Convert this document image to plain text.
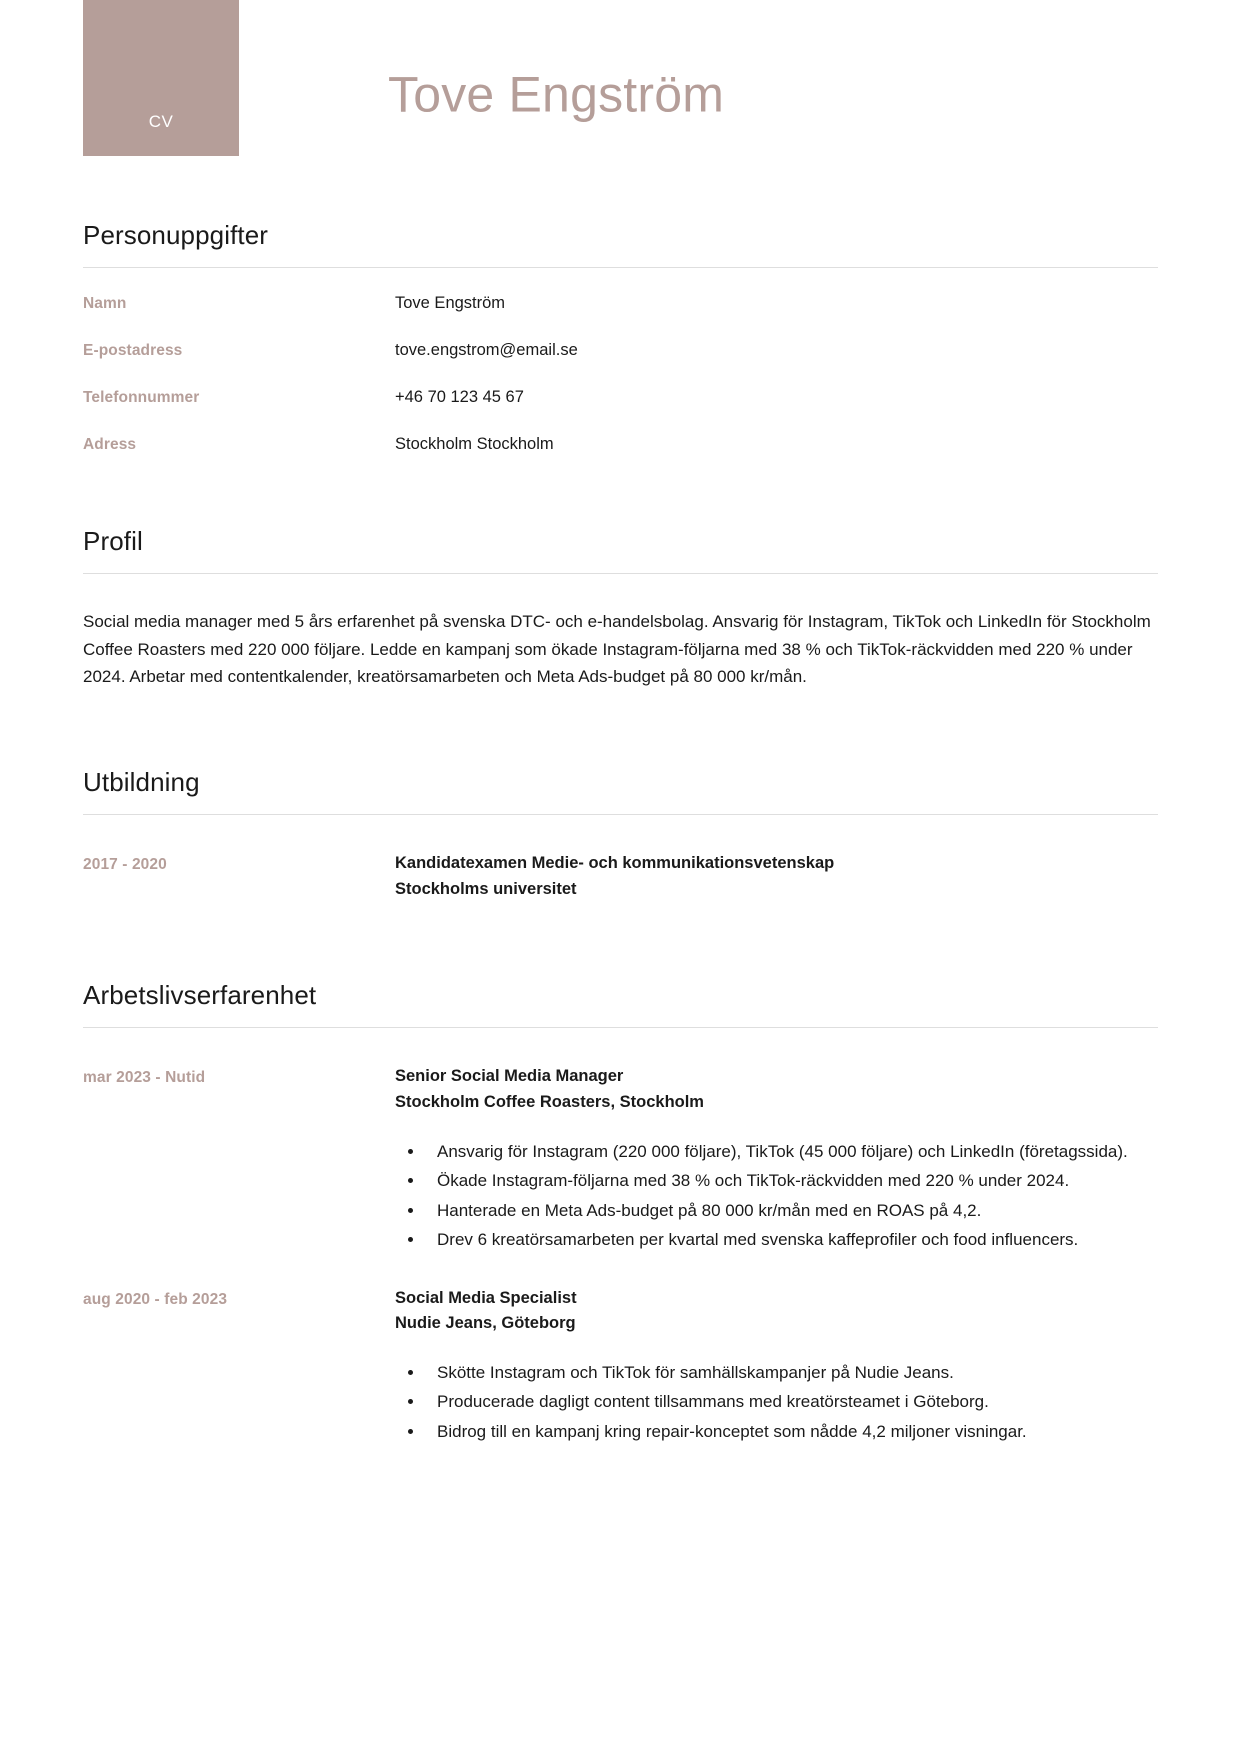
CV	Tove Engström
Personuppgifter
Namn	Tove Engström
E-postadress	tove.engstrom@email.se
Telefonnummer	+46 70 123 45 67
Adress	Stockholm Stockholm
Profil

Social media manager med 5 års erfarenhet på svenska DTC- och e-handelsbolag. Ansvarig för Instagram, TikTok och LinkedIn för Stockholm Coffee Roasters med 220 000 följare. Ledde en kampanj som ökade Instagram-följarna med 38 % och TikTok-räckvidden med 220 % under 2024. Arbetar med contentkalender, kreatörsamarbeten och Meta Ads-budget på 80 000 kr/mån.

Utbildning
2017 - 2020	Kandidatexamen Medie- och kommunikationsvetenskap
Stockholms universitet
Arbetslivserfarenhet
mar 2023 - Nutid	Senior Social Media Manager
Stockholm Coffee Roasters, Stockholm
• Ansvarig för Instagram (220 000 följare), TikTok (45 000 följare) och LinkedIn (företagssida).
• Ökade Instagram-följarna med 38 % och TikTok-räckvidden med 220 % under 2024.
• Hanterade en Meta Ads-budget på 80 000 kr/mån med en ROAS på 4,2.
• Drev 6 kreatörsamarbeten per kvartal med svenska kaffeprofiler och food influencers.
aug 2020 - feb 2023	Social Media Specialist
Nudie Jeans, Göteborg
• Skötte Instagram och TikTok för samhällskampanjer på Nudie Jeans.
• Producerade dagligt content tillsammans med kreatörsteamet i Göteborg.
• Bidrog till en kampanj kring repair-konceptet som nådde 4,2 miljoner visningar.
